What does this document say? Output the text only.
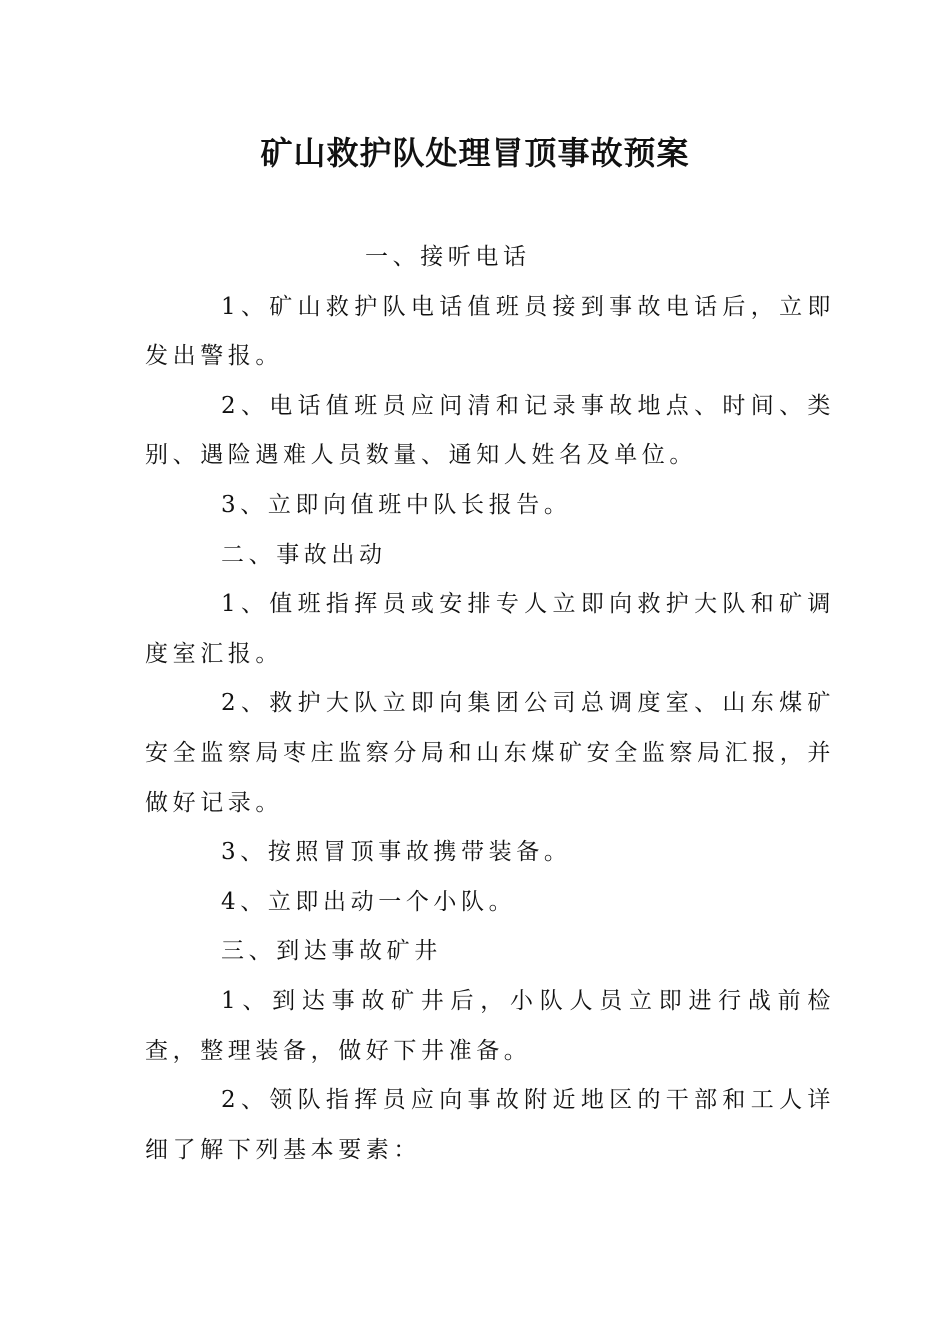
矿山救护队处理冒顶事故预案

一、接听电话

1、矿山救护队电话值班员接到事故电话后，立即发出警报。

2、电话值班员应问清和记录事故地点、时间、类别、遇险遇难人员数量、通知人姓名及单位。

3、立即向值班中队长报告。

二、事故出动

1、值班指挥员或安排专人立即向救护大队和矿调度室汇报。

2、救护大队立即向集团公司总调度室、山东煤矿安全监察局枣庄监察分局和山东煤矿安全监察局汇报，并做好记录。

3、按照冒顶事故携带装备。

4、立即出动一个小队。

三、到达事故矿井

1、到达事故矿井后，小队人员立即进行战前检查，整理装备，做好下井准备。

2、领队指挥员应向事故附近地区的干部和工人详细了解下列基本要素：
